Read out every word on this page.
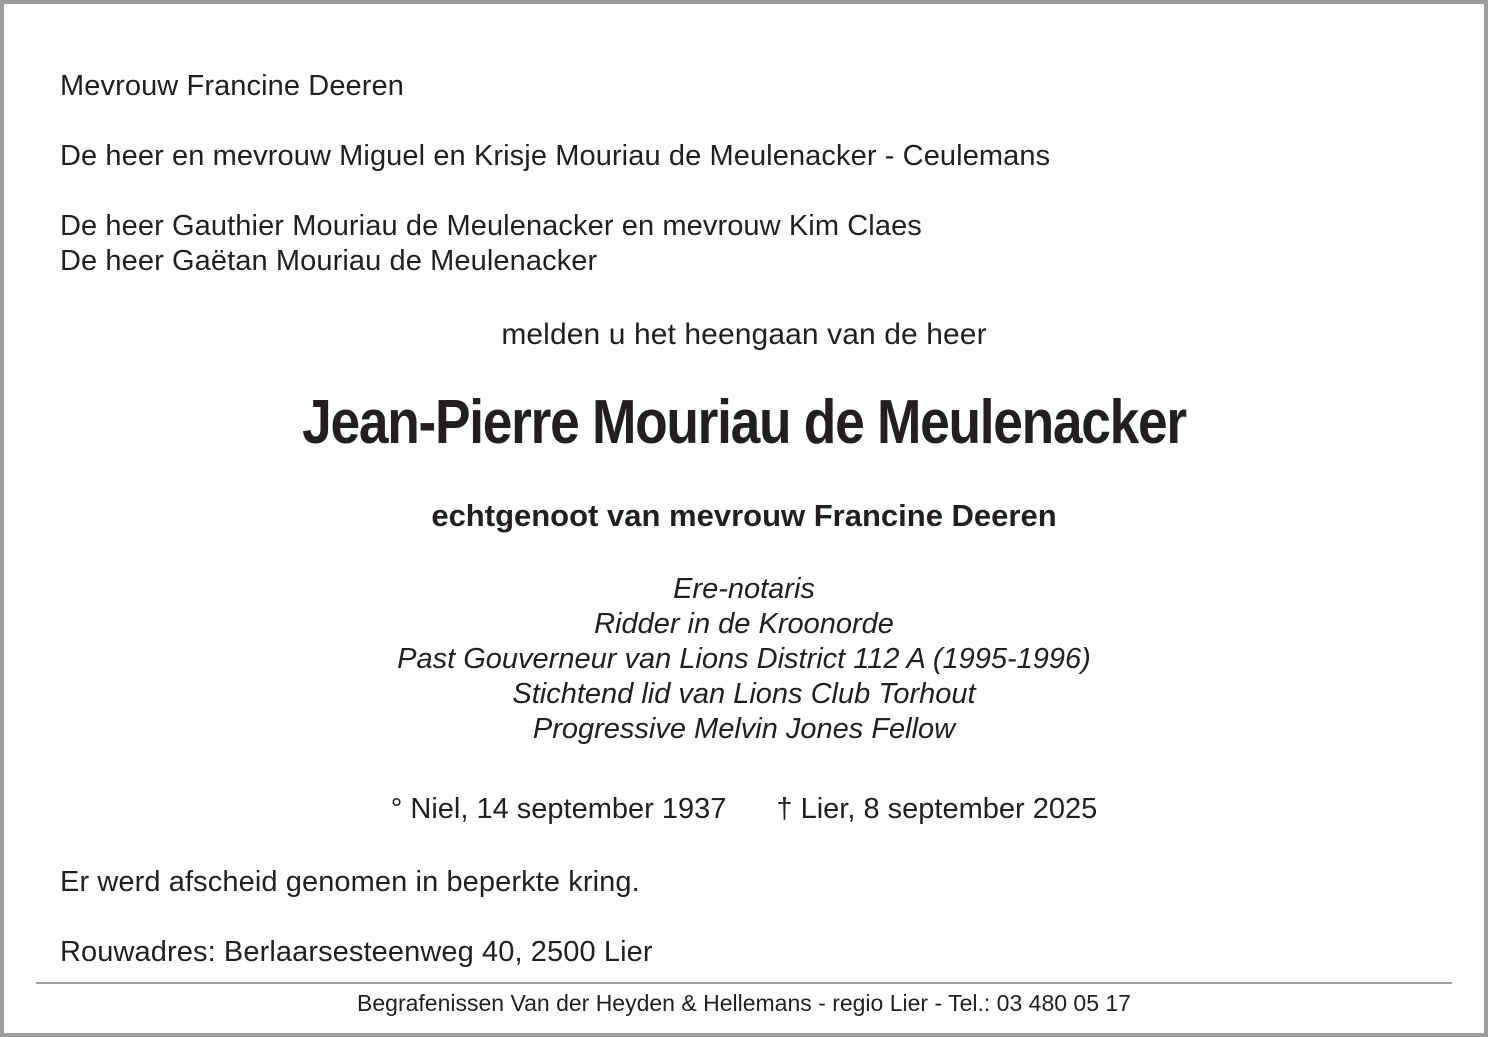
Mevrouw Francine Deeren
De heer en mevrouw Miguel en Krisje Mouriau de Meulenacker - Ceulemans
De heer Gauthier Mouriau de Meulenacker en mevrouw Kim Claes
De heer Gaëtan Mouriau de Meulenacker
melden u het heengaan van de heer
Jean-Pierre Mouriau de Meulenacker
echtgenoot van mevrouw Francine Deeren
Ere-notaris
Ridder in de Kroonorde
Past Gouverneur van Lions District 112 A (1995-1996)
Stichtend lid van Lions Club Torhout
Progressive Melvin Jones Fellow
° Niel, 14 september 1937 † Lier, 8 september 2025
Er werd afscheid genomen in beperkte kring.
Rouwadres: Berlaarsesteenweg 40, 2500 Lier
Begrafenissen Van der Heyden & Hellemans - regio Lier - Tel.: 03 480 05 17
